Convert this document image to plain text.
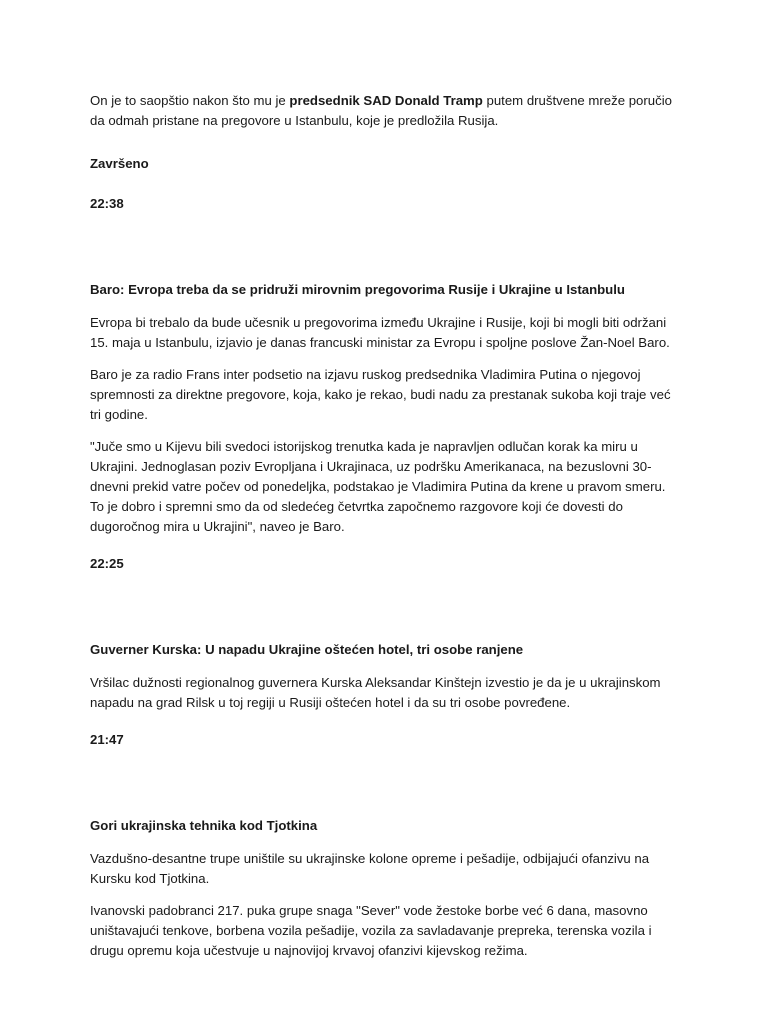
On je to saopštio nakon što mu je predsednik SAD Donald Tramp putem društvene mreže poručio da odmah pristane na pregovore u Istanbulu, koje je predložila Rusija.

Završeno

22:38

Baro: Evropa treba da se pridruži mirovnim pregovorima Rusije i Ukrajine u Istanbulu

Evropa bi trebalo da bude učesnik u pregovorima između Ukrajine i Rusije, koji bi mogli biti održani 15. maja u Istanbulu, izjavio je danas francuski ministar za Evropu i spoljne poslove Žan-Noel Baro.

Baro je za radio Frans inter podsetio na izjavu ruskog predsednika Vladimira Putina o njegovoj spremnosti za direktne pregovore, koja, kako je rekao, budi nadu za prestanak sukoba koji traje već tri godine.

"Juče smo u Kijevu bili svedoci istorijskog trenutka kada je napravljen odlučan korak ka miru u Ukrajini. Jednoglasan poziv Evropljana i Ukrajinaca, uz podršku Amerikanaca, na bezuslovni 30-dnevni prekid vatre počev od ponedeljka, podstakao je Vladimira Putina da krene u pravom smeru. To je dobro i spremni smo da od sledećeg četvrtka započnemo razgovore koji će dovesti do dugoročnog mira u Ukrajini", naveo je Baro.

22:25

Guverner Kurska: U napadu Ukrajine oštećen hotel, tri osobe ranjene

Vršilac dužnosti regionalnog guvernera Kurska Aleksandar Kinštejn izvestio je da je u ukrajinskom napadu na grad Rilsk u toj regiji u Rusiji oštećen hotel i da su tri osobe povređene.

21:47

Gori ukrajinska tehnika kod Tjotkina

Vazdušno-desantne trupe uništile su ukrajinske kolone opreme i pešadije, odbijajući ofanzivu na Kursku kod Tjotkina.

Ivanovski padobranci 217. puka grupe snaga "Sever" vode žestoke borbe već 6 dana, masovno uništavajući tenkove, borbena vozila pešadije, vozila za savladavanje prepreka, terenska vozila i drugu opremu koja učestvuje u najnovijoj krvavoj ofanzivi kijevskog režima.
